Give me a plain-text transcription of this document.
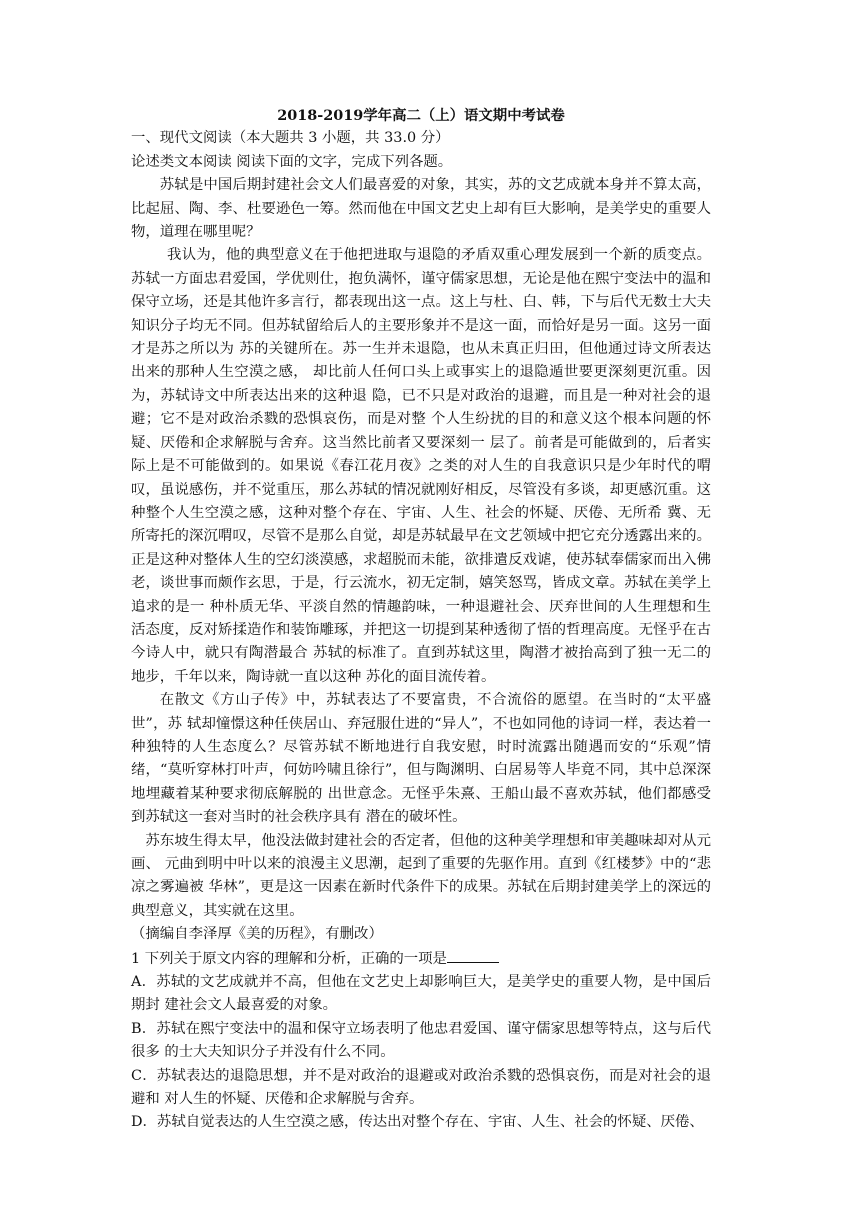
2018-2019学年高二（上）语文期中考试卷

一、现代文阅读（本大题共 3 小题，共 33.0 分）

论述类文本阅读 阅读下面的文字，完成下列各题。

苏轼是中国后期封建社会文人们最喜爱的对象，其实，苏的文艺成就本身并不算太高，比起屈、陶、李、杜要逊色一筹。然而他在中国文艺史上却有巨大影响，是美学史的重要人物，道理在哪里呢？

我认为，他的典型意义在于他把进取与退隐的矛盾双重心理发展到一个新的质变点。 苏轼一方面忠君爱国，学优则仕，抱负满怀，谨守儒家思想，无论是他在熙宁变法中的温和保守立场，还是其他许多言行，都表现出这一点。这上与杜、白、韩，下与后代无数士大夫知识分子均无不同。但苏轼留给后人的主要形象并不是这一面，而恰好是另一面。这另一面才是苏之所以为 苏的关键所在。苏一生并未退隐，也从未真正归田，但他通过诗文所表达出来的那种人生空漠之感， 却比前人任何口头上或事实上的退隐遁世要更深刻更沉重。因为，苏轼诗文中所表达出来的这种退 隐，已不只是对政治的退避，而且是一种对社会的退避；它不是对政治杀戮的恐惧哀伤，而是对整 个人生纷扰的目的和意义这个根本问题的怀疑、厌倦和企求解脱与舍弃。这当然比前者又要深刻一 层了。前者是可能做到的，后者实际上是不可能做到的。如果说《春江花月夜》之类的对人生的自我意识只是少年时代的喟叹，虽说感伤，并不觉重压，那么苏轼的情况就刚好相反，尽管没有多谈，却更感沉重。这种整个人生空漠之感，这种对整个存在、宇宙、人生、社会的怀疑、厌倦、无所希 冀、无所寄托的深沉喟叹，尽管不是那么自觉，却是苏轼最早在文艺领域中把它充分透露出来的。 正是这种对整体人生的空幻淡漠感，求超脱而未能，欲排遣反戏谑，使苏轼奉儒家而出入佛老，谈世事而颇作玄思，于是，行云流水，初无定制，嬉笑怒骂，皆成文章。苏轼在美学上追求的是一 种朴质无华、平淡自然的情趣韵味，一种退避社会、厌弃世间的人生理想和生活态度，反对矫揉造作和装饰雕琢，并把这一切提到某种透彻了悟的哲理高度。无怪乎在古今诗人中，就只有陶潜最合 苏轼的标准了。直到苏轼这里，陶潜才被抬高到了独一无二的地步，千年以来，陶诗就一直以这种 苏化的面目流传着。

在散文《方山子传》中，苏轼表达了不要富贵，不合流俗的愿望。在当时的“太平盛世”，苏 轼却憧憬这种任侠居山、弃冠服仕进的“异人”，不也如同他的诗词一样，表达着一种独特的人生态度么？尽管苏轼不断地进行自我安慰，时时流露出随遇而安的“乐观”情绪，“莫听穿林打叶声，何妨吟啸且徐行”，但与陶渊明、白居易等人毕竟不同，其中总深深地埋藏着某种要求彻底解脱的 出世意念。无怪乎朱熹、王船山最不喜欢苏轼，他们都感受到苏轼这一套对当时的社会秩序具有 潜在的破坏性。

苏东坡生得太早，他没法做封建社会的否定者，但他的这种美学理想和审美趣味却对从元画、 元曲到明中叶以来的浪漫主义思潮，起到了重要的先驱作用。直到《红楼梦》中的“悲凉之雾遍被 华林”，更是这一因素在新时代条件下的成果。苏轼在后期封建美学上的深远的典型意义，其实就在这里。

（摘编自李泽厚《美的历程》，有删改）

1 下列关于原文内容的理解和分析，正确的一项是

A．苏轼的文艺成就并不高，但他在文艺史上却影响巨大，是美学史的重要人物，是中国后期封 建社会文人最喜爱的对象。

B．苏轼在熙宁变法中的温和保守立场表明了他忠君爱国、谨守儒家思想等特点，这与后代很多 的士大夫知识分子并没有什么不同。

C．苏轼表达的退隐思想，并不是对政治的退避或对政治杀戮的恐惧哀伤，而是对社会的退避和 对人生的怀疑、厌倦和企求解脱与舍弃。

D．苏轼自觉表达的人生空漠之感，传达出对整个存在、宇宙、人生、社会的怀疑、厌倦、
